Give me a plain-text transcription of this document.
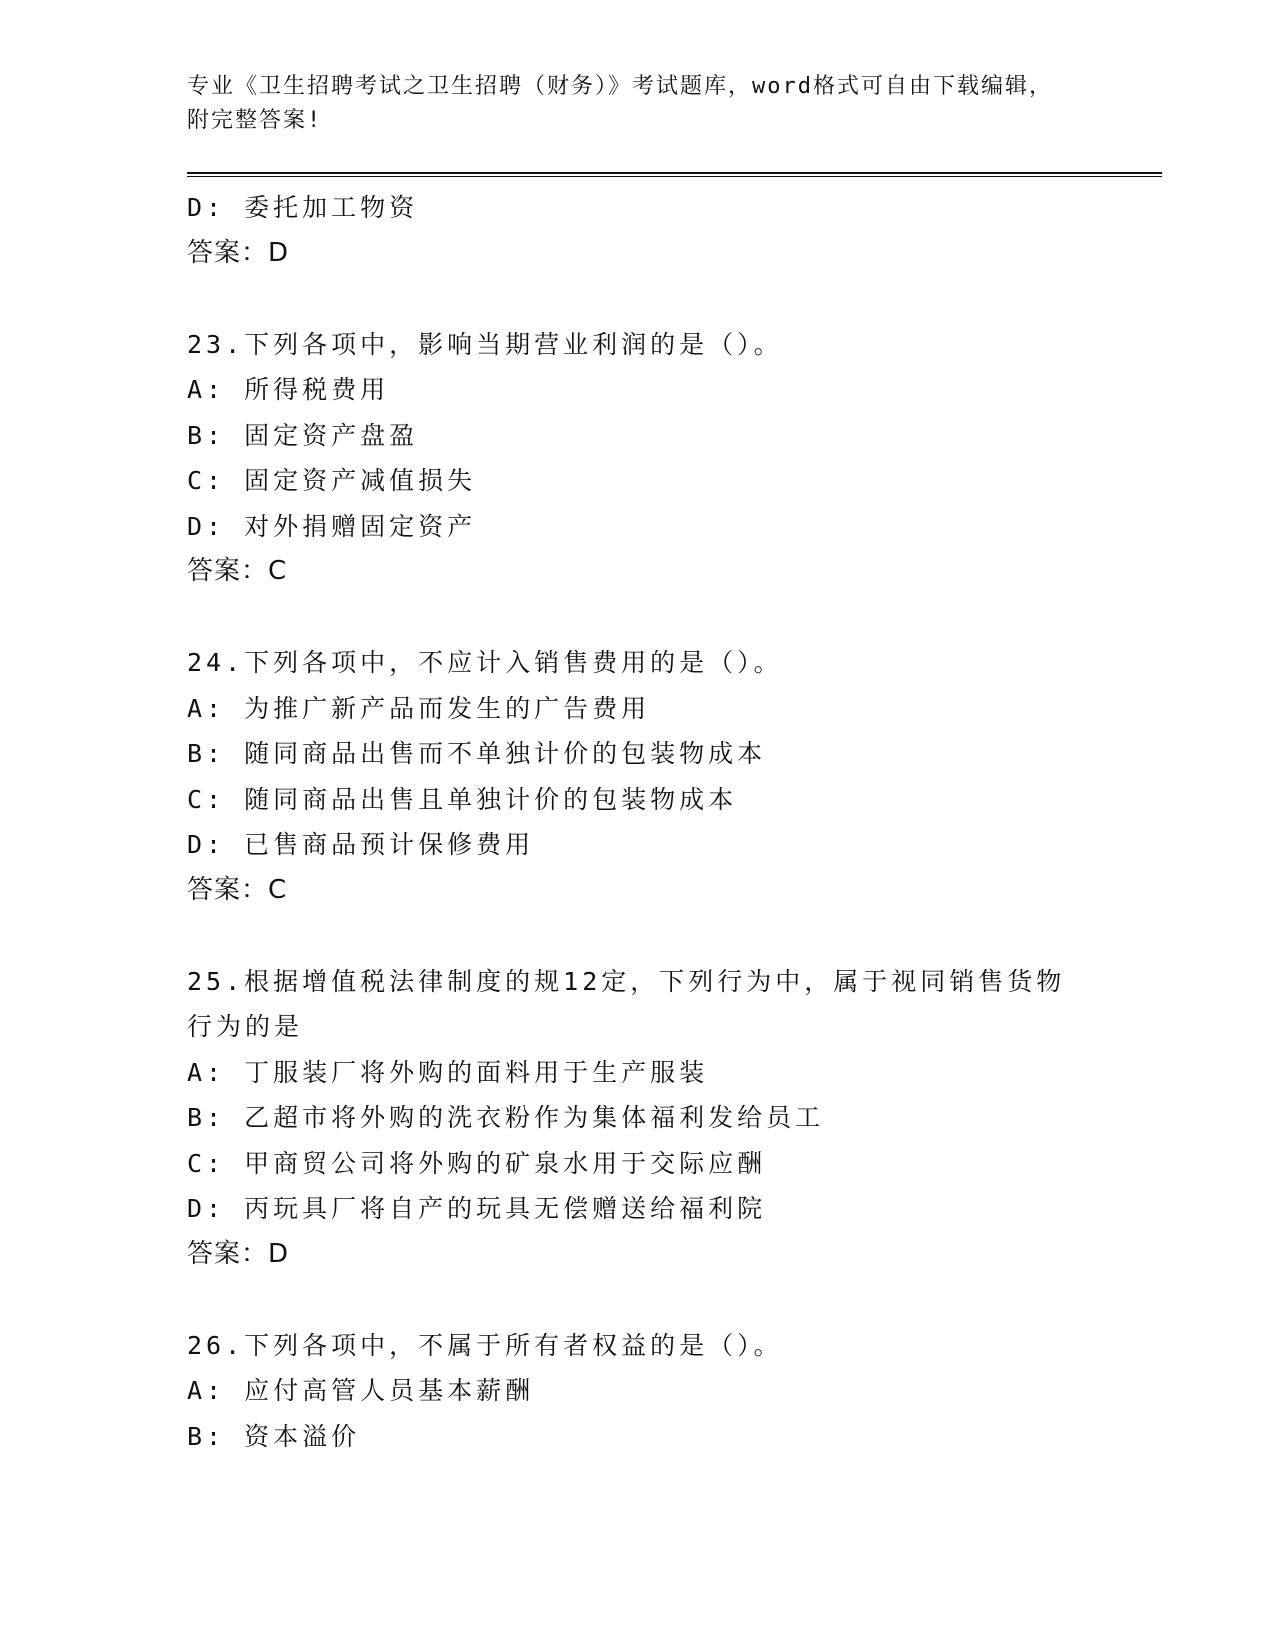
专业《卫生招聘考试之卫生招聘（财务）》考试题库，word格式可自由下载编辑，附完整答案!

D: 委托加工物资
答案：D
23.下列各项中，影响当期营业利润的是（）。
A: 所得税费用
B: 固定资产盘盈
C: 固定资产减值损失
D: 对外捐赠固定资产
答案：C
24.下列各项中，不应计入销售费用的是（）。
A: 为推广新产品而发生的广告费用
B: 随同商品出售而不单独计价的包装物成本
C: 随同商品出售且单独计价的包装物成本
D: 已售商品预计保修费用
答案：C
25.根据增值税法律制度的规12定，下列行为中，属于视同销售货物行为的是
A: 丁服装厂将外购的面料用于生产服装
B: 乙超市将外购的洗衣粉作为集体福利发给员工
C: 甲商贸公司将外购的矿泉水用于交际应酬
D: 丙玩具厂将自产的玩具无偿赠送给福利院
答案：D
26.下列各项中，不属于所有者权益的是（）。
A: 应付高管人员基本薪酬
B: 资本溢价
